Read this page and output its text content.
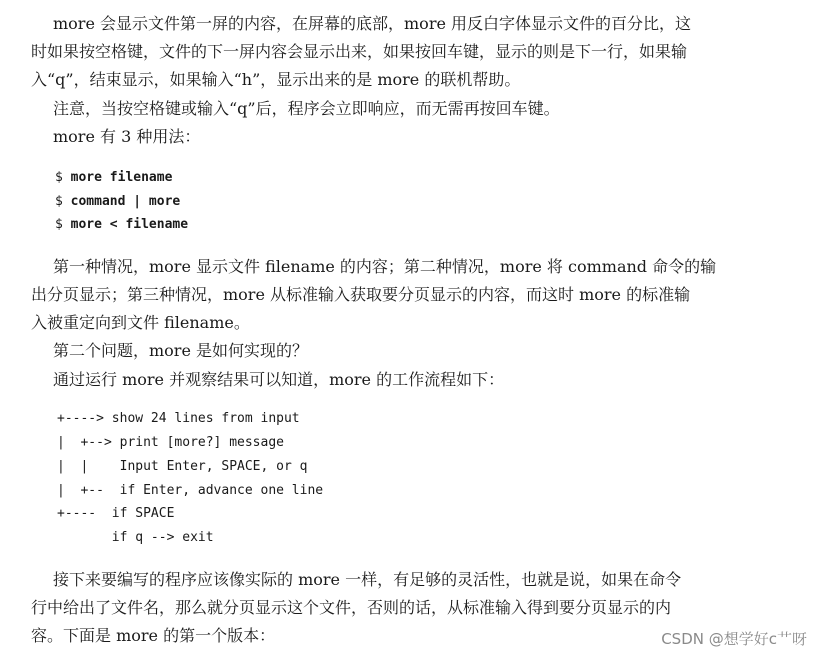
more 会显示文件第一屏的内容，在屏幕的底部，more 用反白字体显示文件的百分比，这
时如果按空格键，文件的下一屏内容会显示出来，如果按回车键，显示的则是下一行，如果输
入“q”，结束显示，如果输入“h”，显示出来的是 more 的联机帮助。
注意，当按空格键或输入“q”后，程序会立即响应，而无需再按回车键。
more 有 3 种用法：
$ more filename
$ command | more
$ more < filename
第一种情况，more 显示文件 filename 的内容；第二种情况，more 将 command 命令的输
出分页显示；第三种情况，more 从标准输入获取要分页显示的内容，而这时 more 的标准输
入被重定向到文件 filename。
第二个问题，more 是如何实现的？
通过运行 more 并观察结果可以知道，more 的工作流程如下：
+----> show 24 lines from input
|  +--> print [more?] message
|  |    Input Enter, SPACE, or q
|  +--  if Enter, advance one line
+----  if SPACE
if q --> exit
接下来要编写的程序应该像实际的 more 一样，有足够的灵活性，也就是说，如果在命令
行中给出了文件名，那么就分页显示这个文件，否则的话，从标准输入得到要分页显示的内
容。下面是 more 的第一个版本：	CSDN @想学好c艹呀
